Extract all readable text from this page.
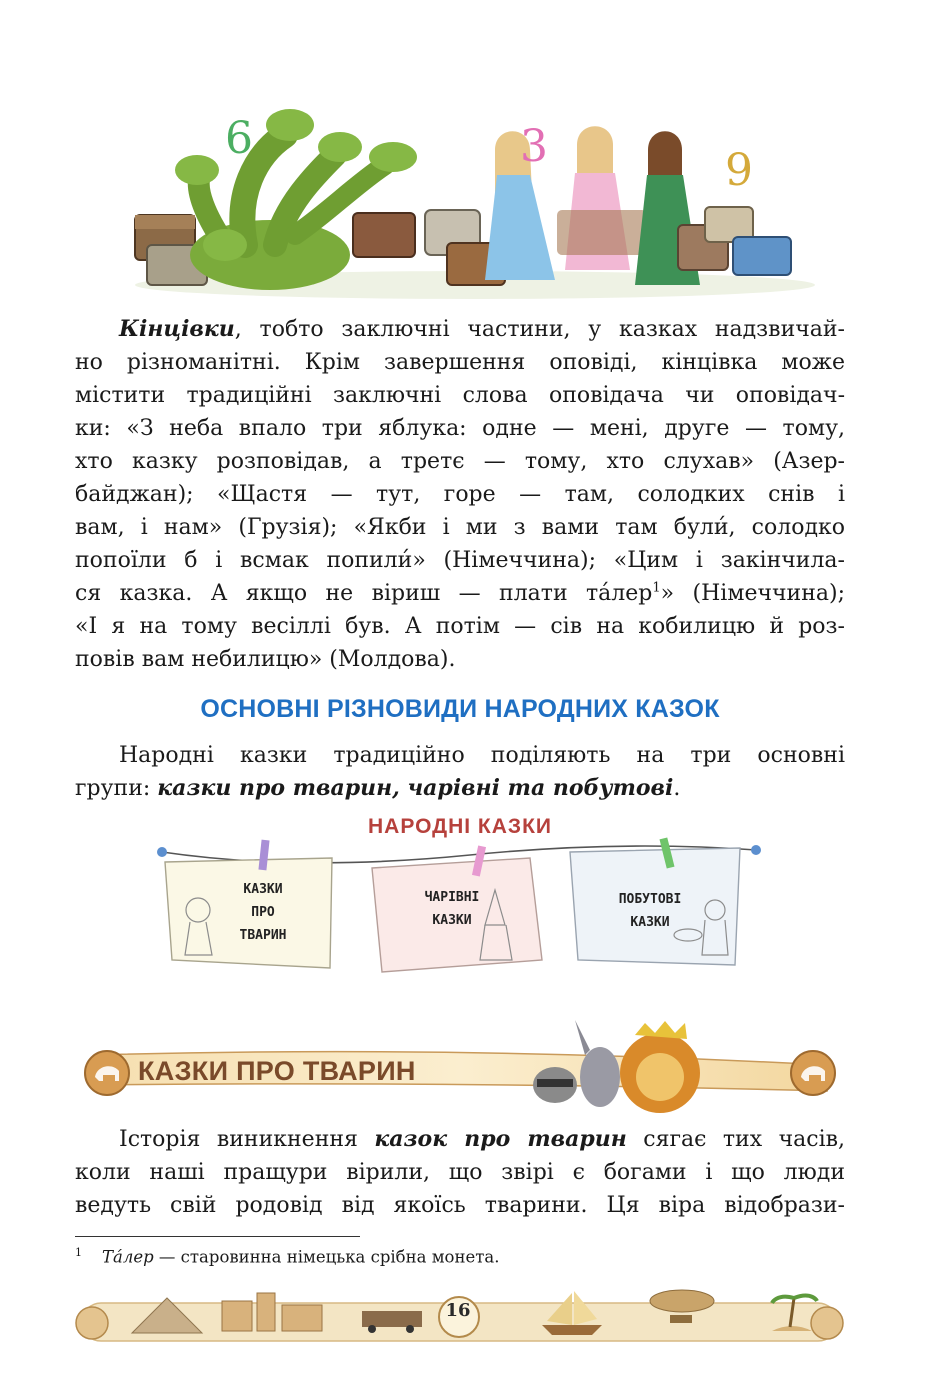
6	3	9

Кінцівки, тобто заключні частини, у казках надзвичай-
но різноманітні. Крім завершення оповіді, кінцівка може
містити традиційні заключні слова оповідача чи оповідач-
ки: «З неба впало три яблука: одне — мені, друге — тому,
хто казку розповідав, а третє — тому, хто слухав» (Азер-
байджан); «Щастя — тут, горе — там, солодких снів і
вам, і нам» (Грузія); «Якби і ми з вами там були́, солодко
попоїли б і всмак попили́» (Німеччина); «Цим і закінчила-
ся казка. А якщо не віриш — плати та́лер$^1$» (Німеччина);
«І я на тому весіллі був. А потім — сів на кобилицю й роз-
повів вам небилицю» (Молдова).

ОСНОВНІ РІЗНОВИДИ НАРОДНИХ КАЗОК

Народні казки традиційно поділяють на три основні
групи: казки про тварин, чарівні та побутові.

НАРОДНІ КАЗКИ

КАЗКИ
ПРО
ТВАРИН
ЧАРІВНІ
КАЗКИ
ПОБУТОВІ
КАЗКИ
КАЗКИ ПРО ТВАРИН

Історія виникнення казок про тварин сягає тих часів,
коли наші пращури вірили, що звірі є богами і що люди
ведуть свій родовід від якоїсь тварини. Ця віра відобрази-

$^1$ Та́лер — старовинна німецька срібна монета.

16
